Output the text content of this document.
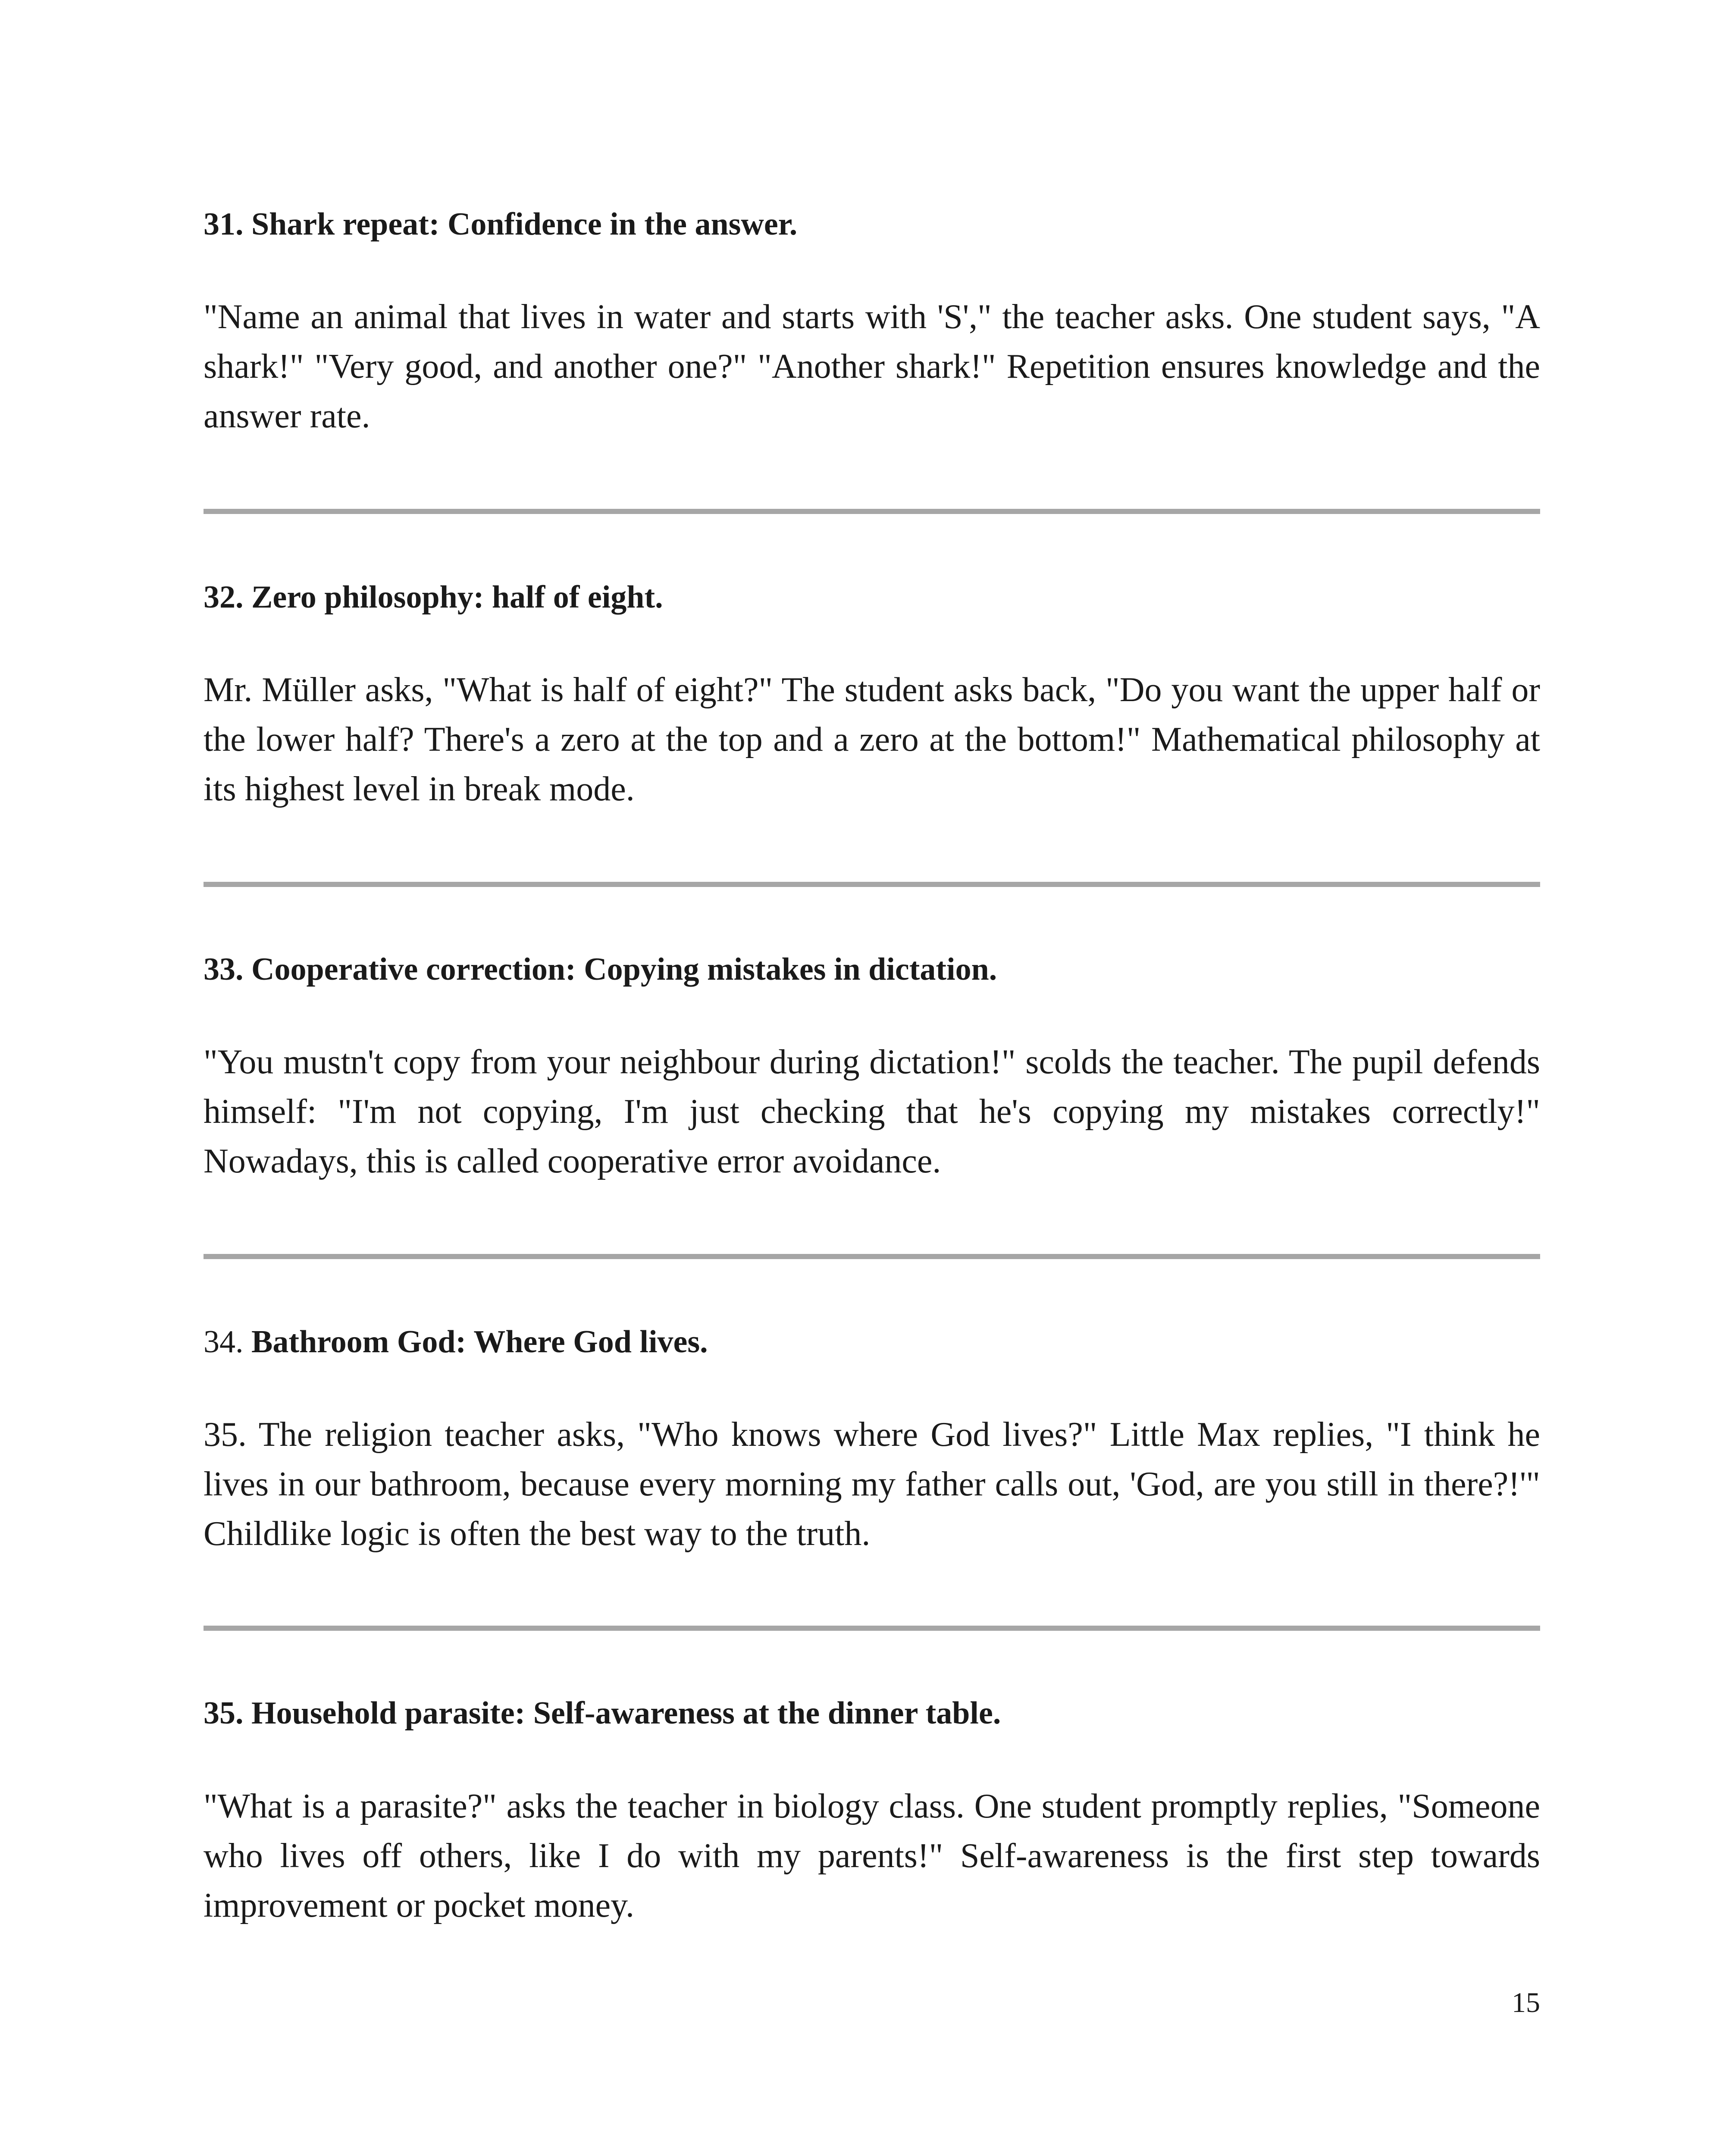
31. Shark repeat: Confidence in the answer.

"Name an animal that lives in water and starts with 'S'," the teacher asks. One student says, "A shark!" "Very good, and another one?" "Another shark!" Repetition ensures knowledge and the answer rate.

32. Zero philosophy: half of eight.

Mr. Müller asks, "What is half of eight?" The student asks back, "Do you want the upper half or the lower half? There's a zero at the top and a zero at the bottom!" Mathematical philosophy at its highest level in break mode.

33. Cooperative correction: Copying mistakes in dictation.

"You mustn't copy from your neighbour during dictation!" scolds the teacher. The pupil defends himself: "I'm not copying, I'm just checking that he's copying my mistakes correctly!" Nowadays, this is called cooperative error avoidance.

34. Bathroom God: Where God lives.

35. The religion teacher asks, "Who knows where God lives?" Little Max replies, "I think he lives in our bathroom, because every morning my father calls out, 'God, are you still in there?!'" Childlike logic is often the best way to the truth.

35. Household parasite: Self-awareness at the dinner table.

"What is a parasite?" asks the teacher in biology class. One student promptly replies, "Someone who lives off others, like I do with my parents!" Self-awareness is the first step towards improvement or pocket money.

15
